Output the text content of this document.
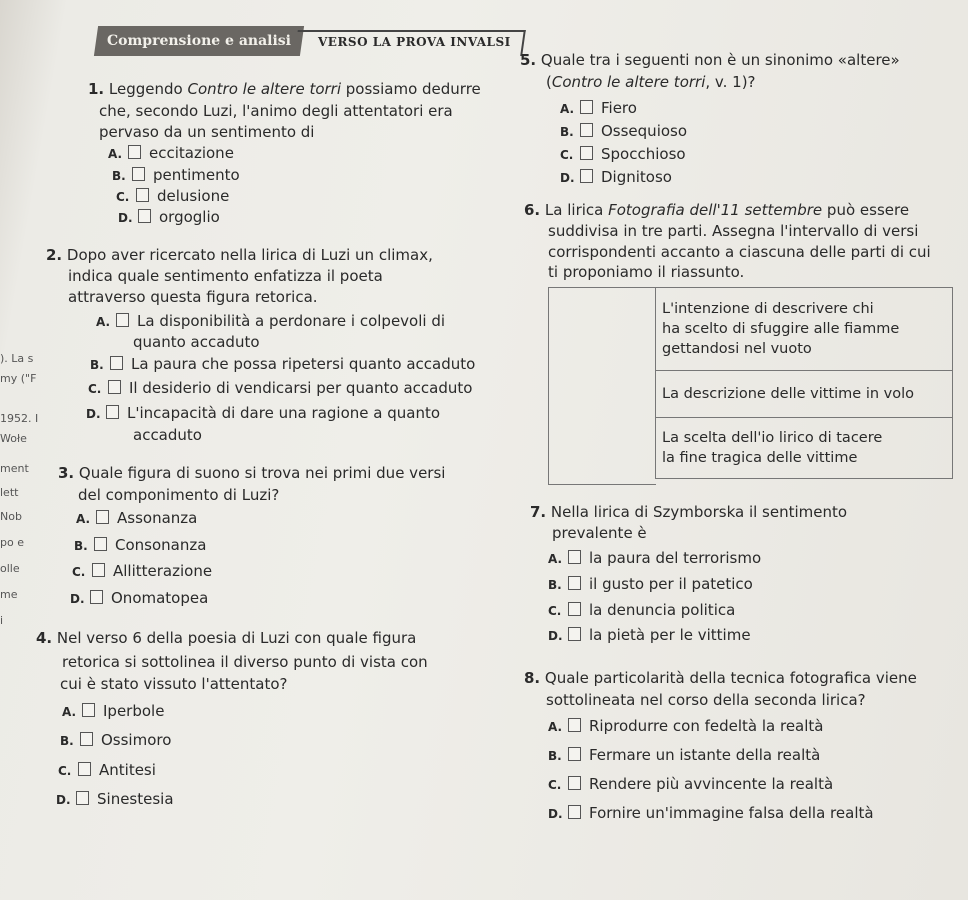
Comprensione e analisi	VERSO LA PROVA INVALSI
). La s
my ("F
1952. I
Wołe
ment
lett
Nob
po e
olle
me
i
1. Leggendo Contro le altere torri possiamo dedurre
che, secondo Luzi, l'animo degli attentatori era
pervaso da un sentimento di
A. eccitazione
B. pentimento
C. delusione
D. orgoglio
2. Dopo aver ricercato nella lirica di Luzi un climax,
indica quale sentimento enfatizza il poeta
attraverso questa figura retorica.
A. La disponibilità a perdonare i colpevoli di
quanto accaduto
B. La paura che possa ripetersi quanto accaduto
C. Il desiderio di vendicarsi per quanto accaduto
D. L'incapacità di dare una ragione a quanto
accaduto
3. Quale figura di suono si trova nei primi due versi
del componimento di Luzi?
A. Assonanza
B. Consonanza
C. Allitterazione
D. Onomatopea
4. Nel verso 6 della poesia di Luzi con quale figura
retorica si sottolinea il diverso punto di vista con
cui è stato vissuto l'attentato?
A. Iperbole
B. Ossimoro
C. Antitesi
D. Sinestesia
5. Quale tra i seguenti non è un sinonimo «altere»
(Contro le altere torri, v. 1)?
A. Fiero
B. Ossequioso
C. Spocchioso
D. Dignitoso
6. La lirica Fotografia dell'11 settembre può essere
suddivisa in tre parti. Assegna l'intervallo di versi
corrispondenti accanto a ciascuna delle parti di cui
ti proponiamo il riassunto.
L'intenzione di descrivere chi
ha scelto di sfuggire alle fiamme
gettandosi nel vuoto
La descrizione delle vittime in volo
La scelta dell'io lirico di tacere
la fine tragica delle vittime
7. Nella lirica di Szymborska il sentimento
prevalente è
A. la paura del terrorismo
B. il gusto per il patetico
C. la denuncia politica
D. la pietà per le vittime
8. Quale particolarità della tecnica fotografica viene
sottolineata nel corso della seconda lirica?
A. Riprodurre con fedeltà la realtà
B. Fermare un istante della realtà
C. Rendere più avvincente la realtà
D. Fornire un'immagine falsa della realtà
